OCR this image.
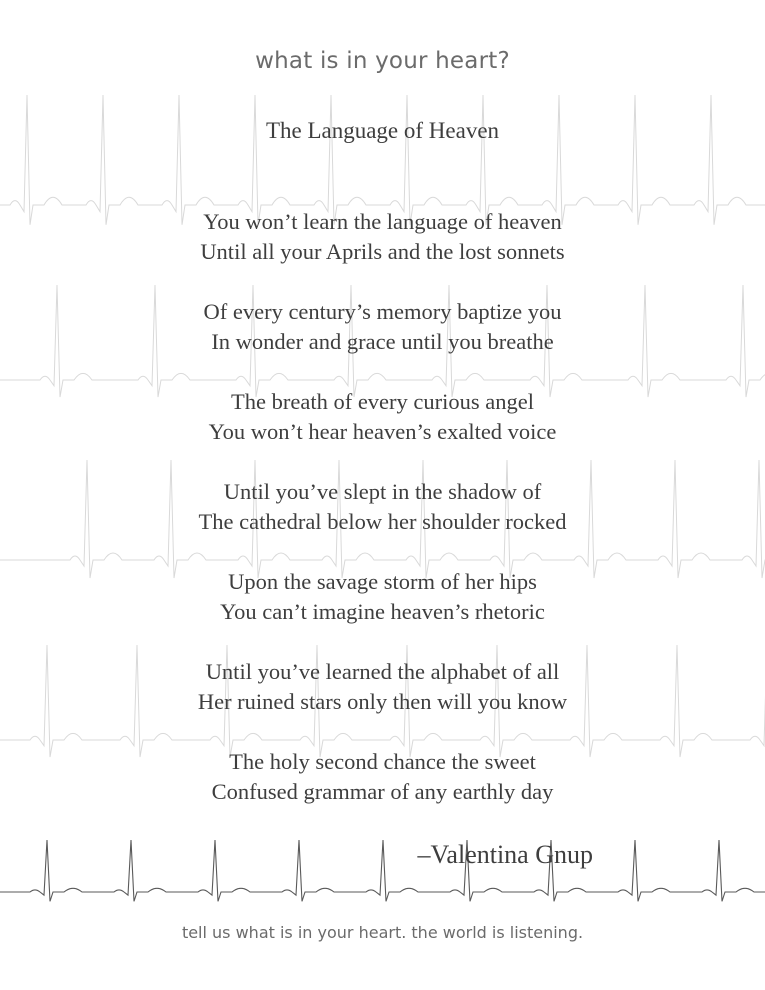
what is in your heart?
The Language of Heaven
You won’t learn the language of heaven
Until all your Aprils and the lost sonnets
Of every century’s memory baptize you
In wonder and grace until you breathe
The breath of every curious angel
You won’t hear heaven’s exalted voice
Until you’ve slept in the shadow of
The cathedral below her shoulder rocked
Upon the savage storm of her hips
You can’t imagine heaven’s rhetoric
Until you’ve learned the alphabet of all
Her ruined stars only then will you know
The holy second chance the sweet
Confused grammar of any earthly day
–Valentina Gnup
tell us what is in your heart. the world is listening.
